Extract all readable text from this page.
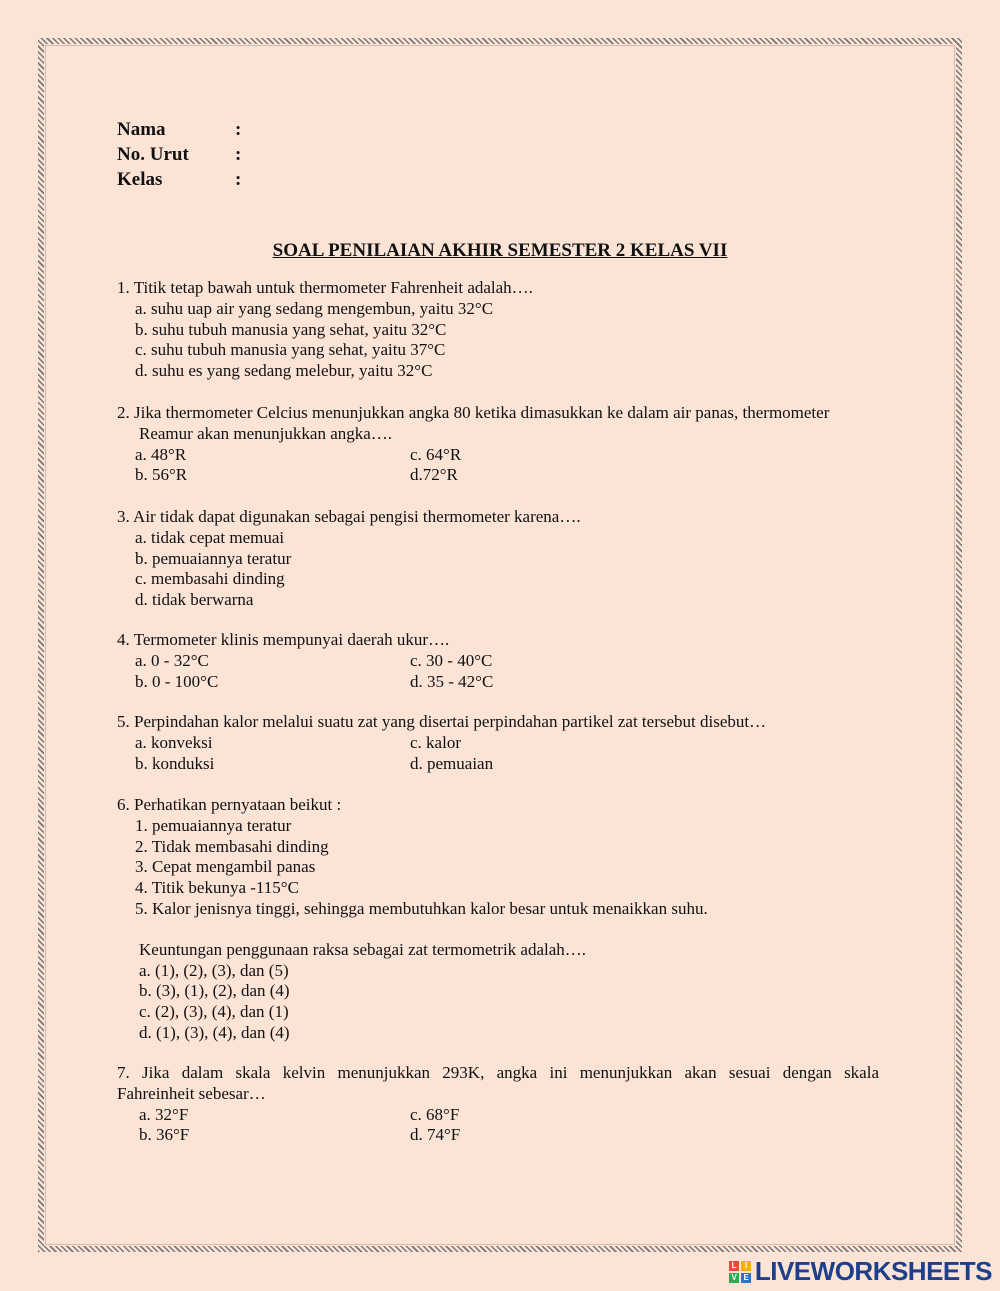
Nama	:
No. Urut	:
Kelas	:
SOAL PENILAIAN AKHIR SEMESTER 2 KELAS VII
1. Titik tetap bawah untuk thermometer Fahrenheit adalah….
a. suhu uap air yang sedang mengembun, yaitu 32°C
b. suhu tubuh manusia yang sehat, yaitu 32°C
c. suhu tubuh manusia yang sehat, yaitu 37°C
d. suhu es yang sedang melebur, yaitu 32°C
2. Jika thermometer Celcius menunjukkan angka 80 ketika dimasukkan ke dalam air panas, thermometer
Reamur akan menunjukkan angka….
a. 48°R	c. 64°R
b. 56°R	d.72°R
3. Air tidak dapat digunakan sebagai pengisi thermometer karena….
a. tidak cepat memuai
b. pemuaiannya teratur
c. membasahi dinding
d. tidak berwarna
4. Termometer klinis mempunyai daerah ukur….
a. 0 - 32°C	c. 30 - 40°C
b. 0 - 100°C	d. 35 - 42°C
5. Perpindahan kalor melalui suatu zat yang disertai perpindahan partikel zat tersebut disebut…
a. konveksi	c. kalor
b. konduksi	d. pemuaian
6. Perhatikan pernyataan beikut :
1. pemuaiannya teratur
2. Tidak membasahi dinding
3. Cepat mengambil panas
4. Titik bekunya -115°C
5. Kalor jenisnya tinggi, sehingga membutuhkan kalor besar untuk menaikkan suhu.
Keuntungan penggunaan raksa sebagai zat termometrik adalah….
a. (1), (2), (3), dan (5)
b. (3), (1), (2), dan (4)
c. (2), (3), (4), dan (1)
d. (1), (3), (4), dan (4)
7. Jika dalam skala kelvin menunjukkan 293K, angka ini menunjukkan akan sesuai dengan skala
Fahreinheit sebesar…
a. 32°F	c. 68°F
b. 36°F	d. 74°F
L	I
V E LIVEWORKSHEETS
